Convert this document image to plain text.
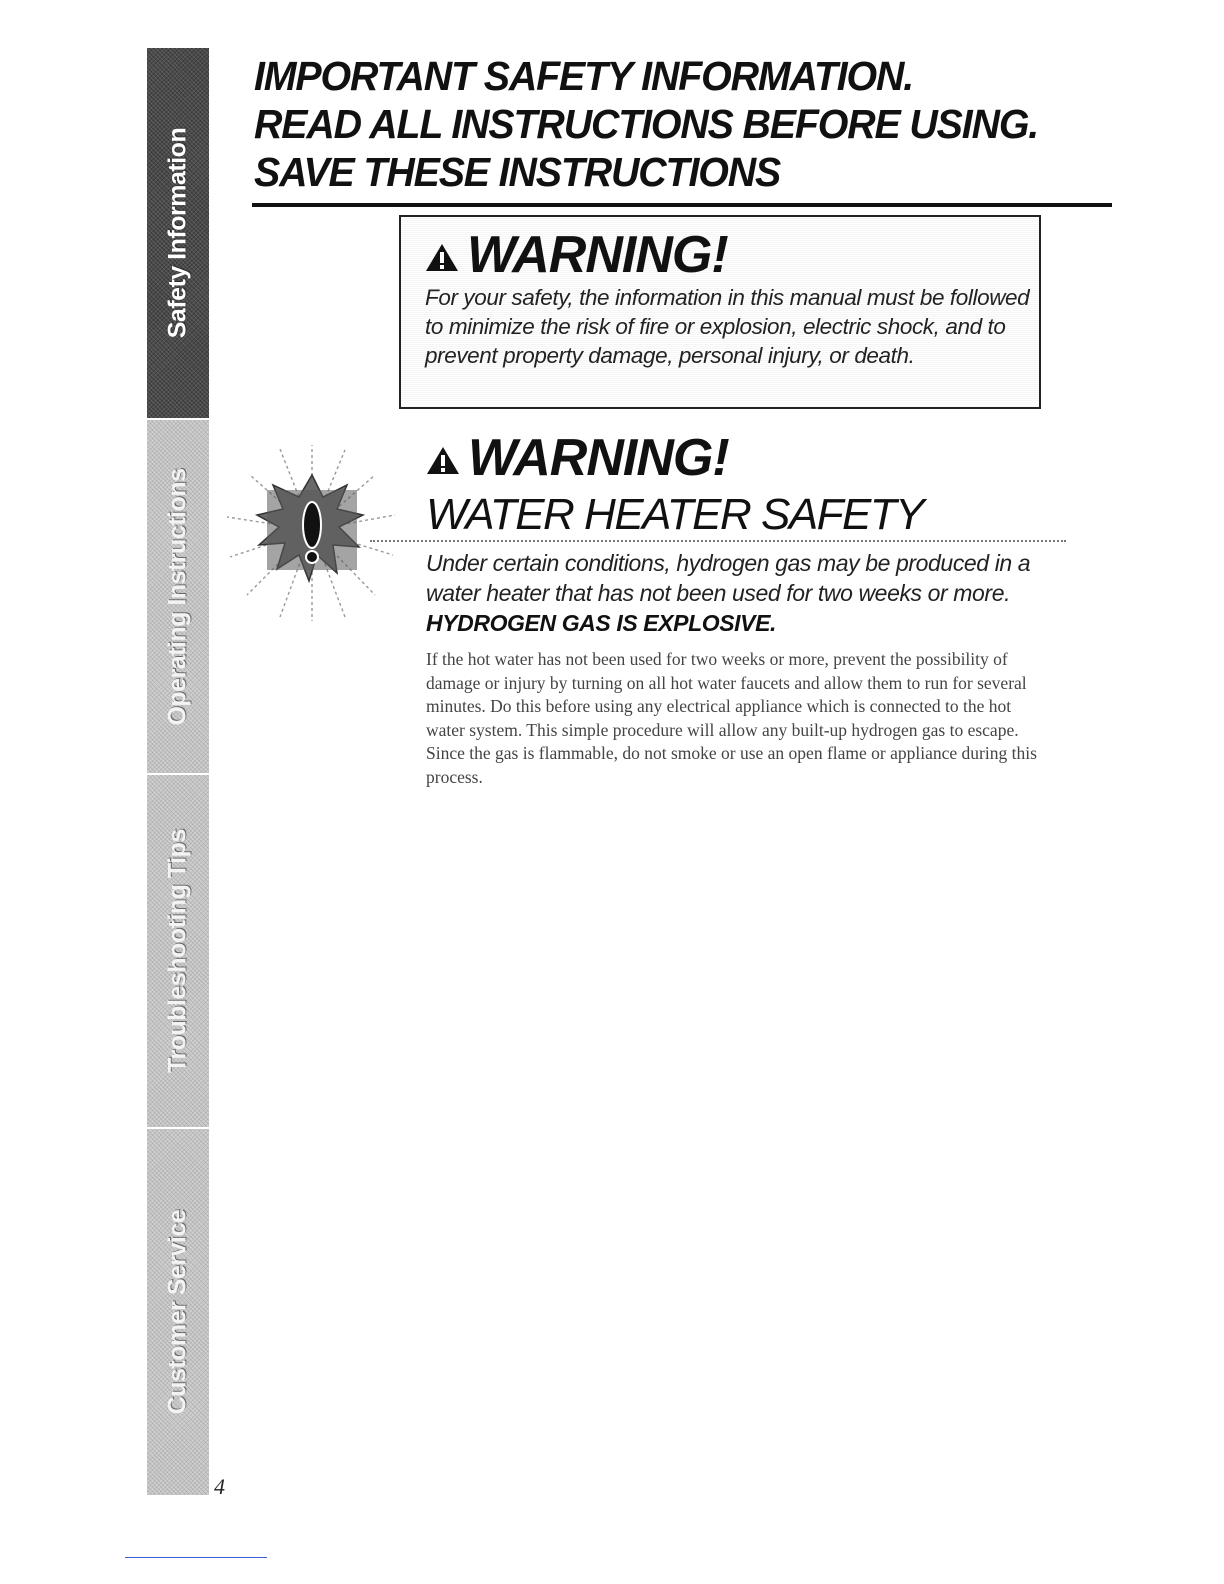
Safety Information
Operating Instructions
Troubleshooting Tips
Customer Service
4
IMPORTANT SAFETY INFORMATION.
READ ALL INSTRUCTIONS BEFORE USING.
SAVE THESE INSTRUCTIONS
WARNING!
For your safety, the information in this manual must be followed to minimize the risk of fire or explosion, electric shock, and to prevent property damage, personal injury, or death.
WARNING!
WATER HEATER SAFETY
Under certain conditions, hydrogen gas may be produced in a water heater that has not been used for two weeks or more. HYDROGEN GAS IS EXPLOSIVE.
If the hot water has not been used for two weeks or more, prevent the possibility of damage or injury by turning on all hot water faucets and allow them to run for several minutes. Do this before using any electrical appliance which is connected to the hot water system. This simple procedure will allow any built-up hydrogen gas to escape. Since the gas is flammable, do not smoke or use an open flame or appliance during this process.
